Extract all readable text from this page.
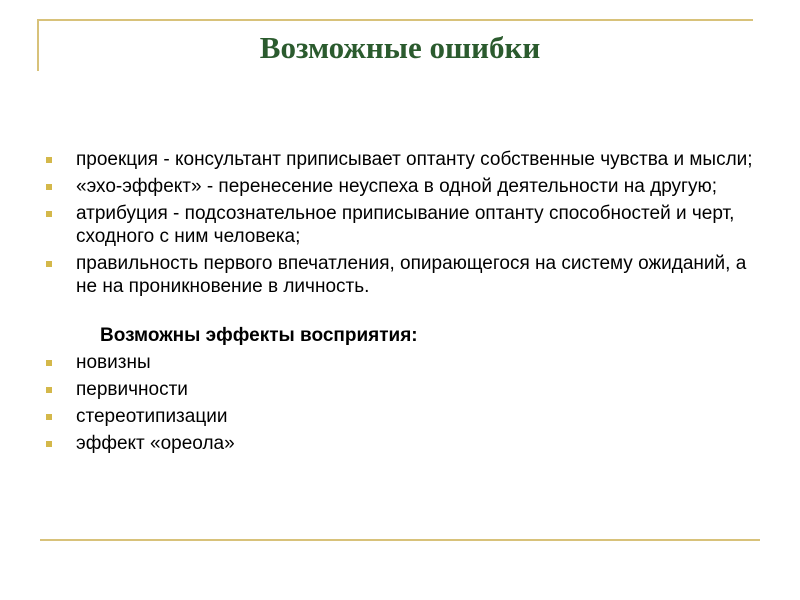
Возможные ошибки
проекция - консультант приписывает оптанту собственные чувства и мысли;
«эхо-эффект» - перенесение неуспеха в одной деятельности на другую;
атрибуция - подсознательное приписывание оптанту способностей и черт, сходного с ним человека;
правильность первого впечатления, опирающегося на систему ожиданий, а не на проникновение в личность.
Возможны эффекты восприятия:
новизны
первичности
стереотипизации
эффект «ореола»
